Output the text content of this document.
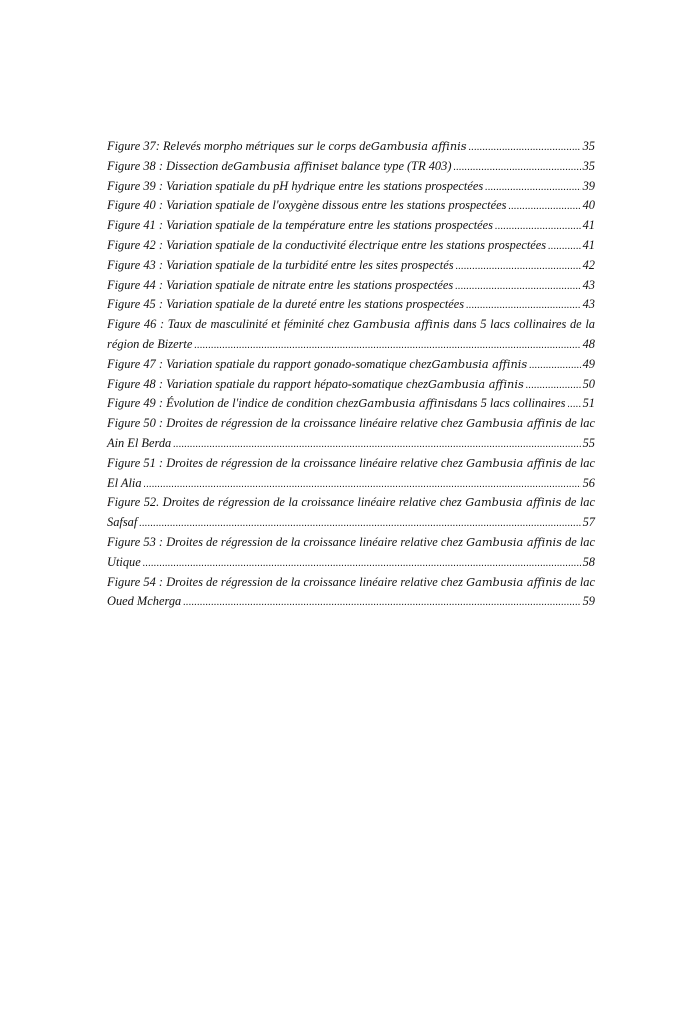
Figure 37: Relevés morpho métriques sur le corps de Gambusia affinis .....	35
Figure 38 : Dissection de Gambusia affinis et balance type (TR 403) .....	35
Figure 39 : Variation spatiale du pH hydrique entre les stations prospectées .....	39
Figure 40 : Variation spatiale de l'oxygène dissous entre les stations prospectées .....	40
Figure 41 : Variation spatiale de la température entre les stations prospectées .....	41
Figure 42 : Variation spatiale de la conductivité électrique entre les stations prospectées .....	41
Figure 43 : Variation spatiale de la turbidité entre les sites prospectés .....	42
Figure 44 : Variation spatiale de nitrate entre les stations prospectées .....	43
Figure 45 : Variation spatiale de la dureté entre les stations prospectées .....	43
Figure 46 : Taux de masculinité et féminité chez Gambusia affinis dans 5 lacs collinaires de la
région de Bizerte .....	48
Figure 47 : Variation spatiale du rapport gonado-somatique chez Gambusia affinis .....	49
Figure 48 : Variation spatiale du rapport hépato-somatique chez Gambusia affinis .....	50
Figure 49 : Évolution de l'indice de condition chez Gambusia affinis dans 5 lacs collinaires ..... 51
Figure 50 : Droites de régression de la croissance linéaire relative chez Gambusia affinis de lac
Ain El Berda .....	55
Figure 51 : Droites de régression de la croissance linéaire relative chez Gambusia affinis de lac
El Alia .....	56
Figure 52. Droites de régression de la croissance linéaire relative chez Gambusia affinis de lac
Safsaf .....	57
Figure 53 : Droites de régression de la croissance linéaire relative chez Gambusia affinis de lac
Utique .....	58
Figure 54 : Droites de régression de la croissance linéaire relative chez Gambusia affinis de lac
Oued Mcherga .....	59
